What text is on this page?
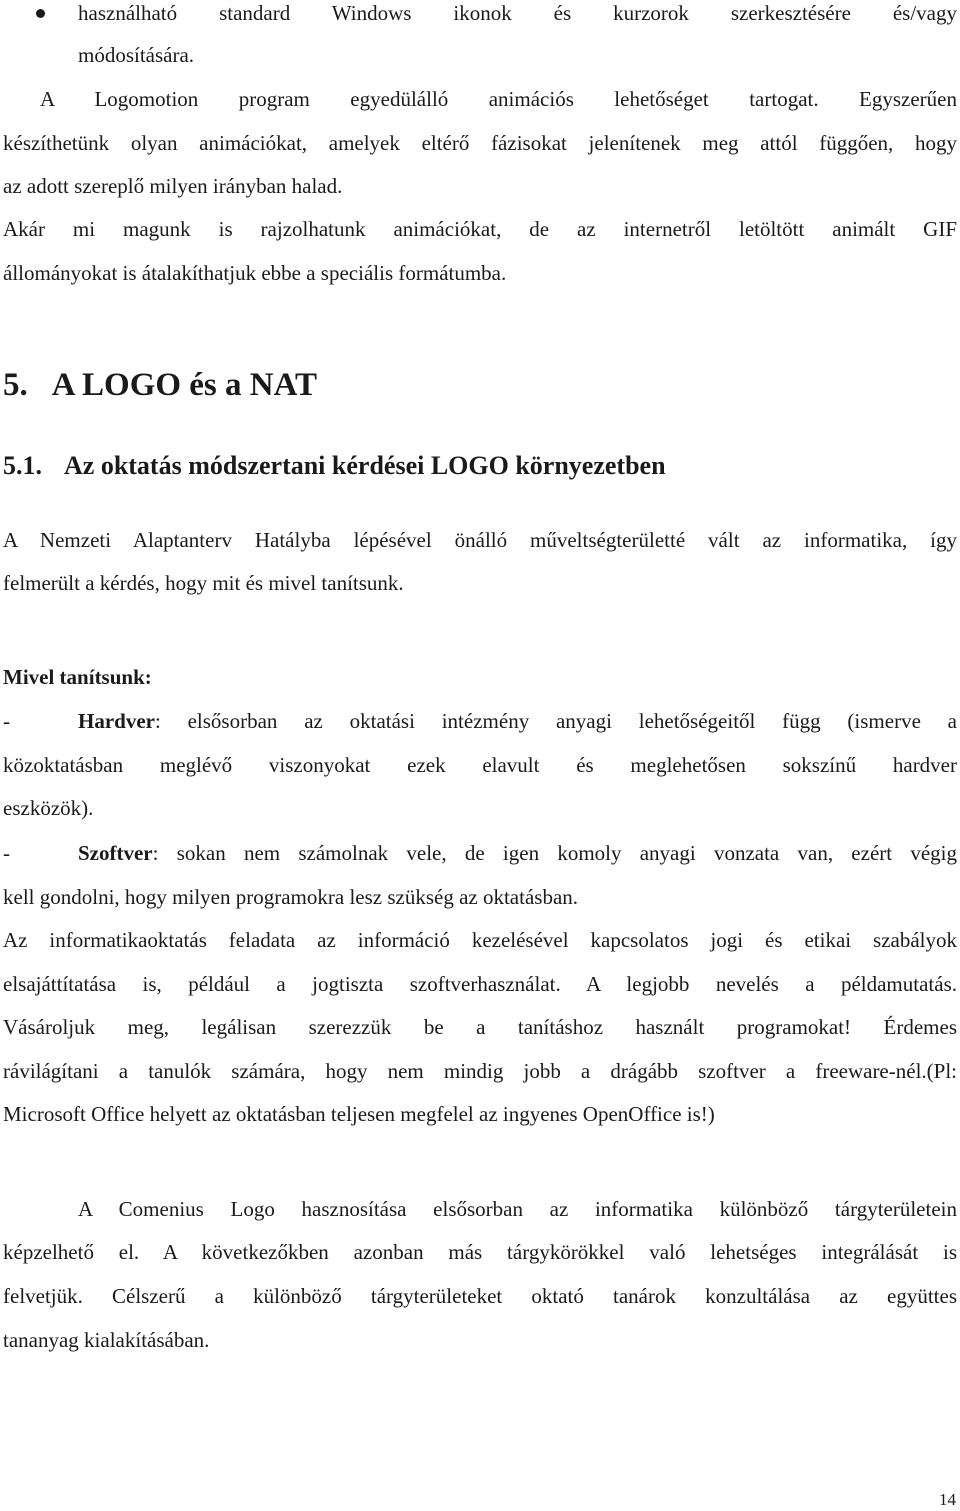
használható standard Windows ikonok és kurzorok szerkesztésére és/vagy
módosítására.
A Logomotion program egyedülálló animációs lehetőséget tartogat. Egyszerűen
készíthetünk olyan animációkat, amelyek eltérő fázisokat jelenítenek meg attól függően, hogy
az adott szereplő milyen irányban halad.
Akár mi magunk is rajzolhatunk animációkat, de az internetről letöltött animált GIF
állományokat is átalakíthatjuk ebbe a speciális formátumba.
5. A LOGO és a NAT
5.1. Az oktatás módszertani kérdései LOGO környezetben
A Nemzeti Alaptanterv Hatályba lépésével önálló műveltségterületté vált az informatika, így
felmerült a kérdés, hogy mit és mivel tanítsunk.
Mivel tanítsunk:
-	Hardver: elsősorban az oktatási intézmény anyagi lehetőségeitől függ (ismerve a
közoktatásban meglévő viszonyokat ezek elavult és meglehetősen sokszínű hardver
eszközök).
-	Szoftver: sokan nem számolnak vele, de igen komoly anyagi vonzata van, ezért végig
kell gondolni, hogy milyen programokra lesz szükség az oktatásban.
Az informatikaoktatás feladata az információ kezelésével kapcsolatos jogi és etikai szabályok
elsajáttítatása is, például a jogtiszta szoftverhasználat. A legjobb nevelés a példamutatás.
Vásároljuk meg, legálisan szerezzük be a tanításhoz használt programokat! Érdemes
rávilágítani a tanulók számára, hogy nem mindig jobb a drágább szoftver a freeware-nél.(Pl:
Microsoft Office helyett az oktatásban teljesen megfelel az ingyenes OpenOffice is!)
A Comenius Logo hasznosítása elsősorban az informatika különböző tárgyterületein
képzelhető el. A következőkben azonban más tárgykörökkel való lehetséges integrálását is
felvetjük. Célszerű a különböző tárgyterületeket oktató tanárok konzultálása az együttes
tananyag kialakításában.
14
